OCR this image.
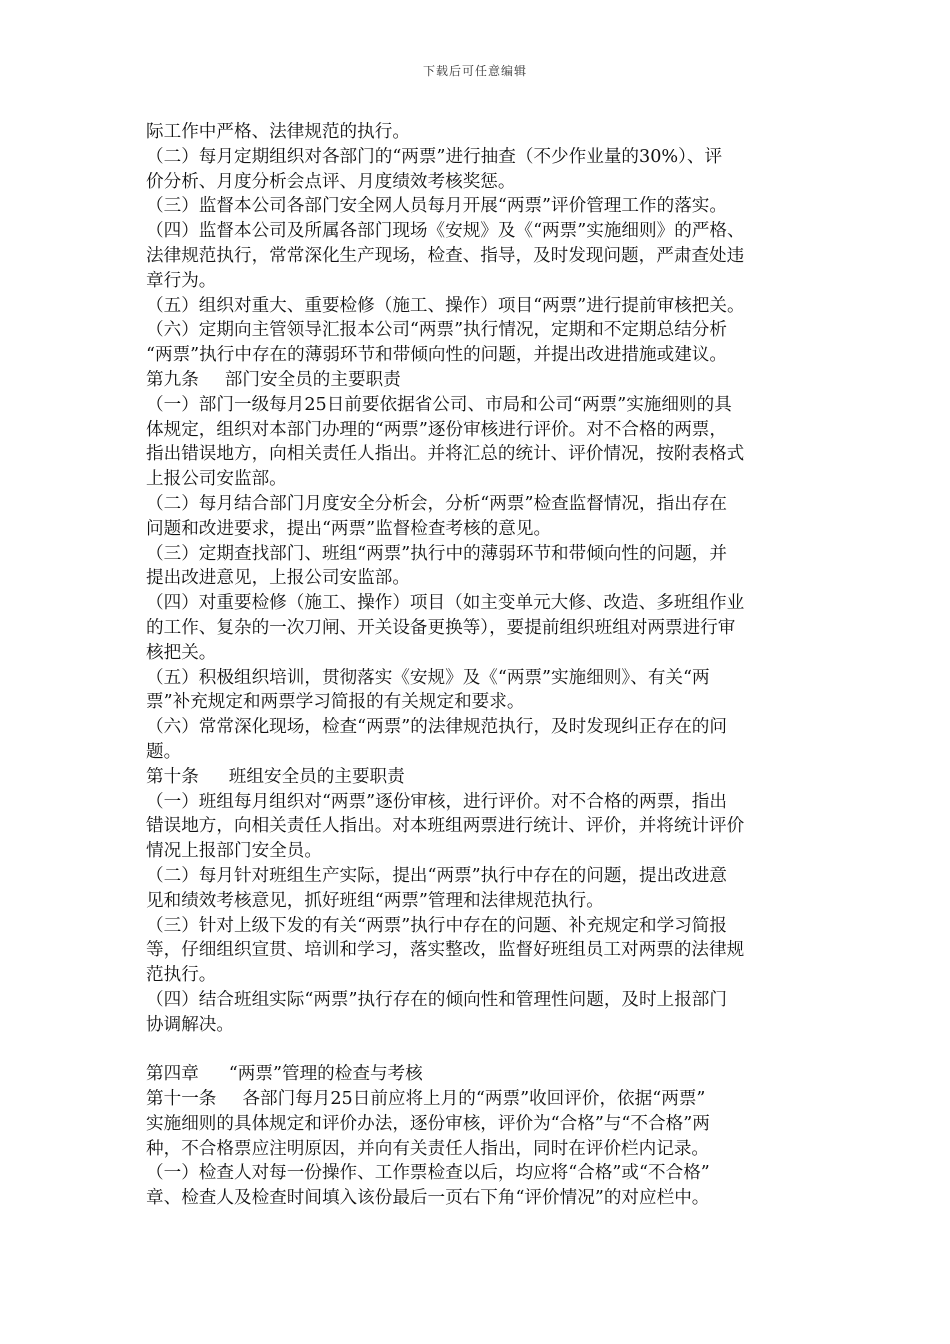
下载后可任意编辑
际工作中严格、法律规范的执行。
（二）每月定期组织对各部门的“两票”进行抽查（不少作业量的30%）、评
价分析、月度分析会点评、月度绩效考核奖惩。
（三）监督本公司各部门安全网人员每月开展“两票”评价管理工作的落实。
（四）监督本公司及所属各部门现场《安规》及《“两票”实施细则》的严格、
法律规范执行，常常深化生产现场，检查、指导，及时发现问题，严肃查处违
章行为。
（五）组织对重大、重要检修（施工、操作）项目“两票”进行提前审核把关。
（六）定期向主管领导汇报本公司“两票”执行情况，定期和不定期总结分析
“两票”执行中存在的薄弱环节和带倾向性的问题，并提出改进措施或建议。
第九条 部门安全员的主要职责
（一）部门一级每月25日前要依据省公司、市局和公司“两票”实施细则的具
体规定，组织对本部门办理的“两票”逐份审核进行评价。对不合格的两票，
指出错误地方，向相关责任人指出。并将汇总的统计、评价情况，按附表格式
上报公司安监部。
（二）每月结合部门月度安全分析会，分析“两票”检查监督情况，指出存在
问题和改进要求，提出“两票”监督检查考核的意见。
（三）定期查找部门、班组“两票”执行中的薄弱环节和带倾向性的问题，并
提出改进意见，上报公司安监部。
（四）对重要检修（施工、操作）项目（如主变单元大修、改造、多班组作业
的工作、复杂的一次刀闸、开关设备更换等），要提前组织班组对两票进行审
核把关。
（五）积极组织培训，贯彻落实《安规》及《“两票”实施细则》、有关“两
票”补充规定和两票学习简报的有关规定和要求。
（六）常常深化现场，检查“两票”的法律规范执行，及时发现纠正存在的问
题。
第十条 班组安全员的主要职责
（一）班组每月组织对“两票”逐份审核，进行评价。对不合格的两票，指出
错误地方，向相关责任人指出。对本班组两票进行统计、评价，并将统计评价
情况上报部门安全员。
（二）每月针对班组生产实际，提出“两票”执行中存在的问题，提出改进意
见和绩效考核意见，抓好班组“两票”管理和法律规范执行。
（三）针对上级下发的有关“两票”执行中存在的问题、补充规定和学习简报
等，仔细组织宣贯、培训和学习，落实整改，监督好班组员工对两票的法律规
范执行。
（四）结合班组实际“两票”执行存在的倾向性和管理性问题，及时上报部门
协调解决。
第四章 “两票”管理的检查与考核
第十一条 各部门每月25日前应将上月的“两票”收回评价，依据“两票”
实施细则的具体规定和评价办法，逐份审核，评价为“合格”与“不合格”两
种，不合格票应注明原因，并向有关责任人指出，同时在评价栏内记录。
（一）检查人对每一份操作、工作票检查以后，均应将“合格”或“不合格”
章、检查人及检查时间填入该份最后一页右下角“评价情况”的对应栏中。
